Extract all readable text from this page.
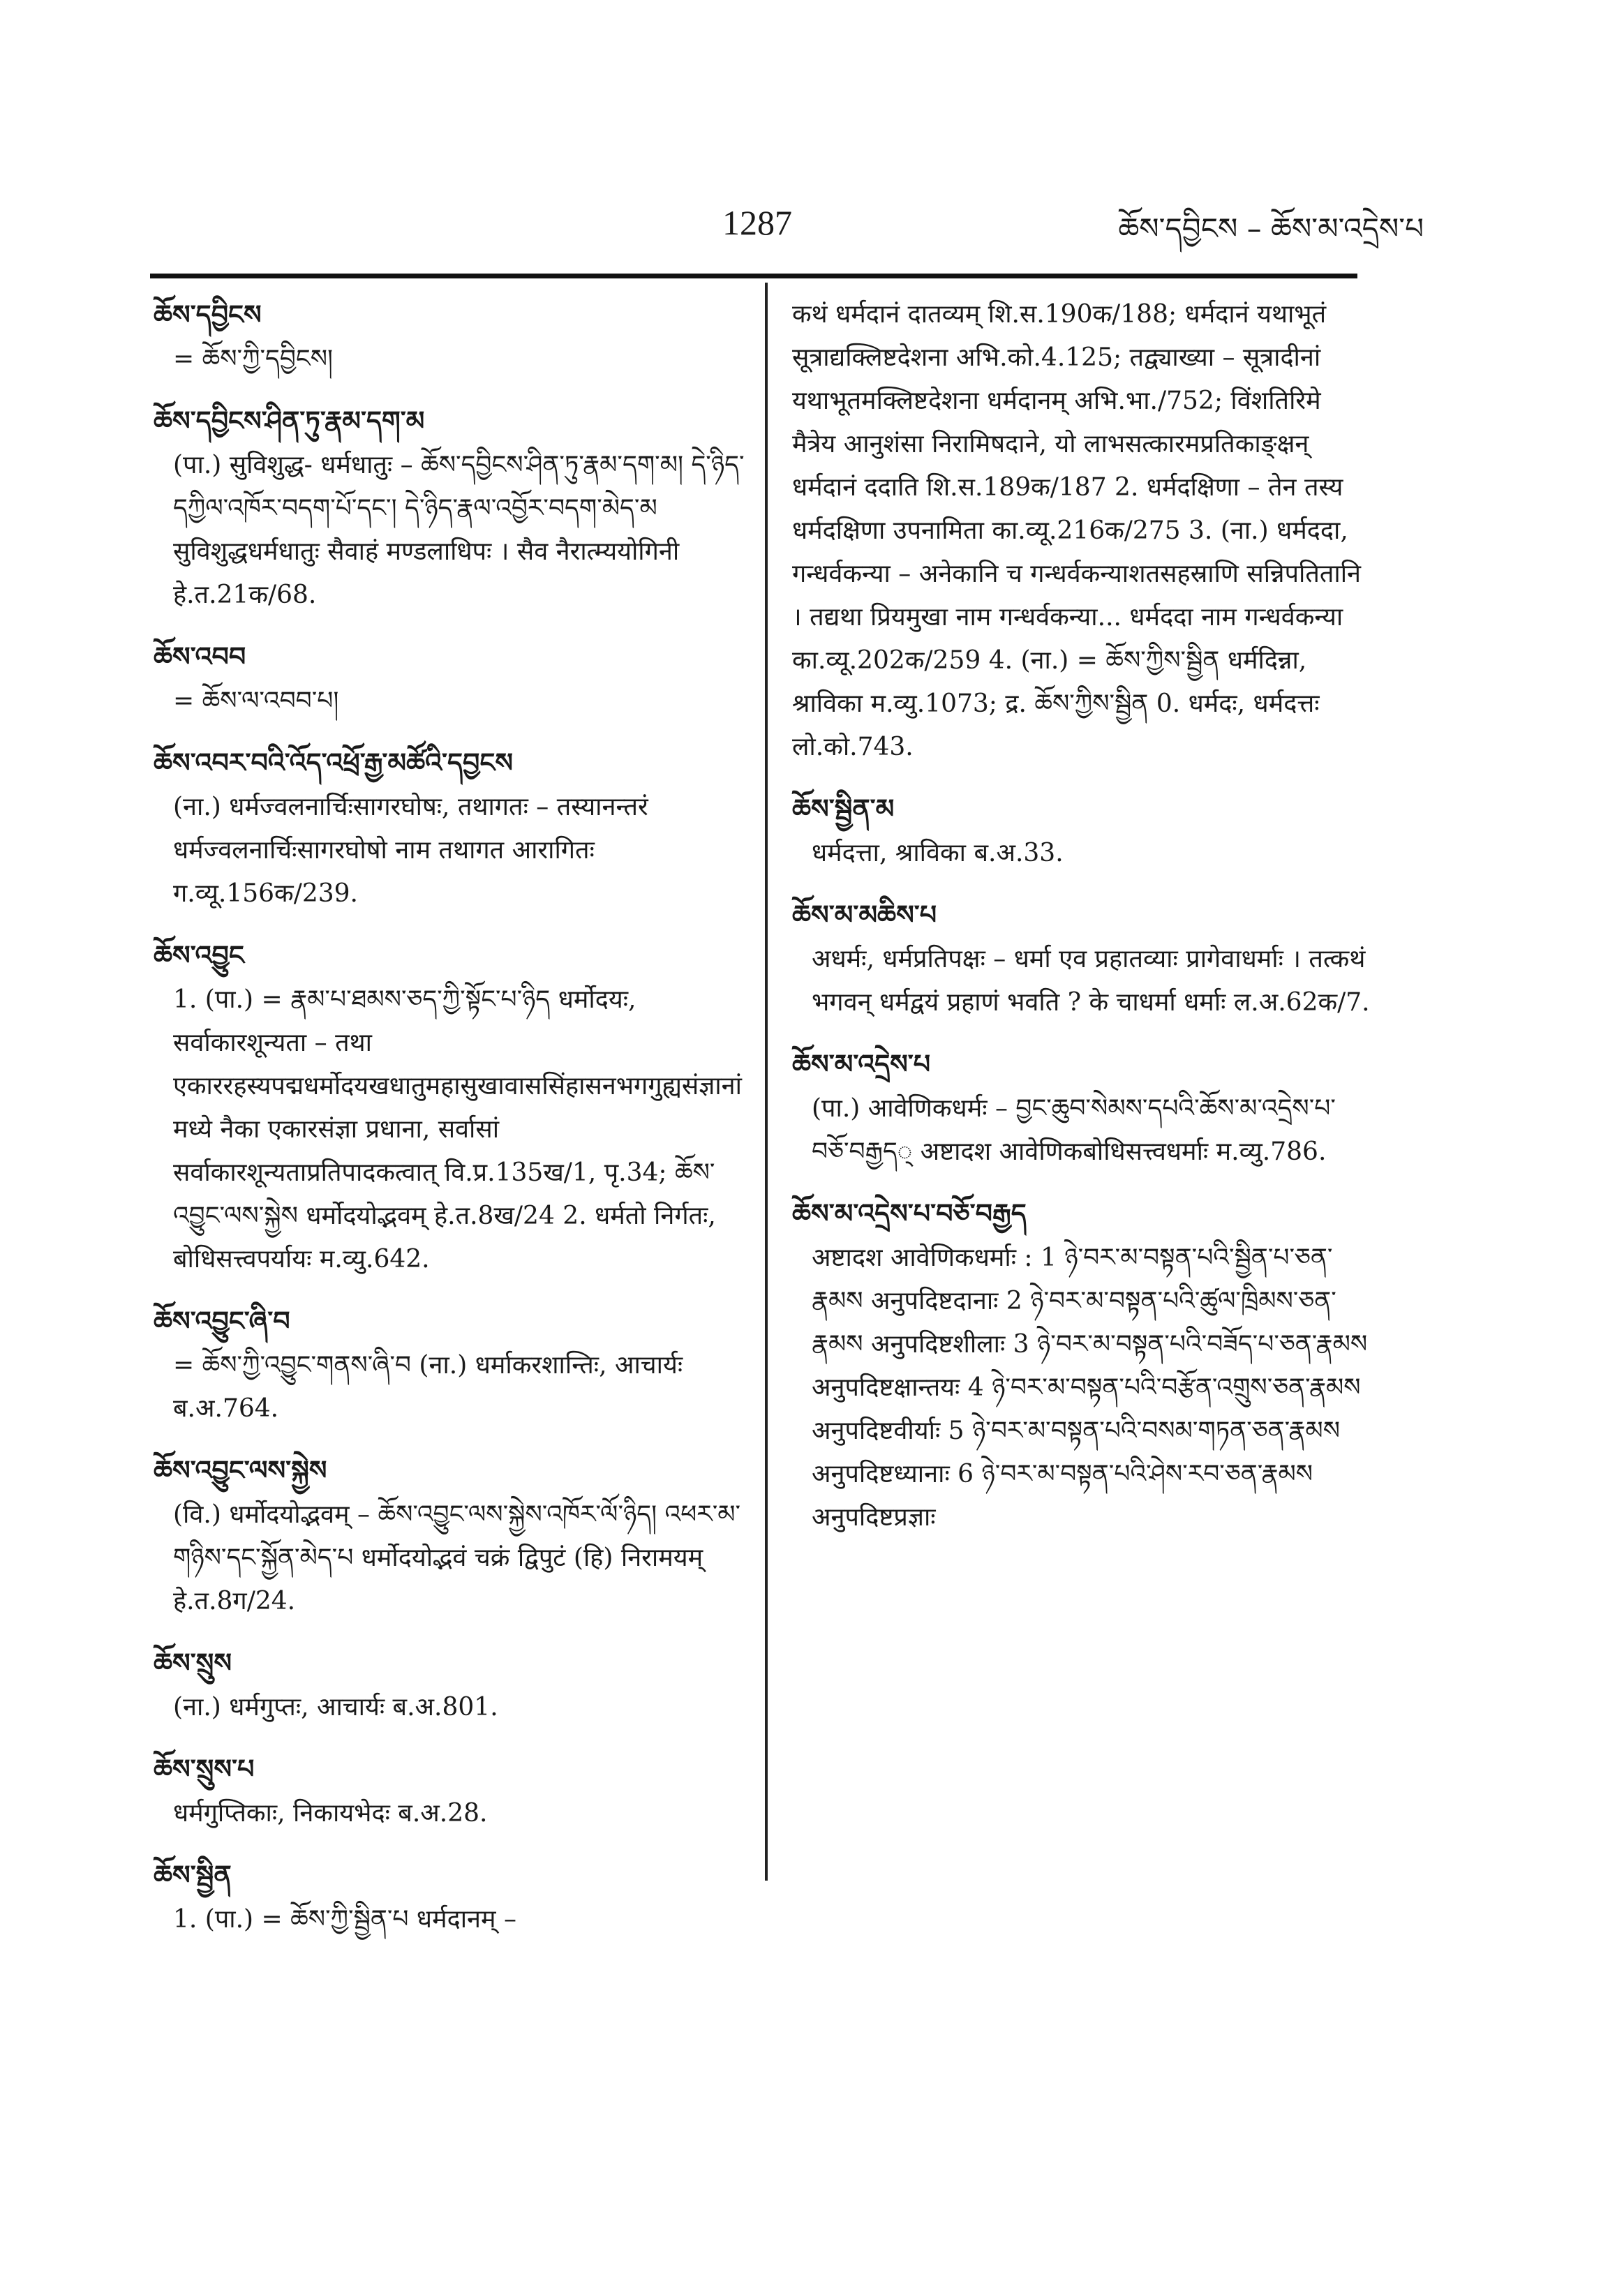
1287	ཆོས་དབྱིངས – ཆོས་མ་འདྲེས་པ
ཆོས་དབྱིངས
= ཆོས་ཀྱི་དབྱིངས།
ཆོས་དབྱིངས་ཤིན་ཏུ་རྣམ་དག་མ
(पा.) सुविशुद्ध- धर्मधातुः – ཆོས་དབྱིངས་ཤིན་ཏུ་རྣམ་དག་མ། དེ་ཉིད་དཀྱིལ་འཁོར་བདག་པོ་དང་། དེ་ཉིད་རྣལ་འབྱོར་བདག་མེད་མ सुविशुद्धधर्मधातुः सैवाहं मण्डलाधिपः । सैव नैरात्म्ययोगिनी हे.त.21क/68.
ཆོས་འབབ
= ཆོས་ལ་འབབ་པ།
ཆོས་འབར་བའི་འོད་འཕྲོ་རྒྱ་མཚོའི་དབྱངས
(ना.) धर्मज्वलनार्चिःसागरघोषः, तथागतः – तस्यानन्तरं धर्मज्वलनार्चिःसागरघोषो नाम तथागत आरागितः ग.व्यू.156क/239.
ཆོས་འབྱུང
1. (पा.) = རྣམ་པ་ཐམས་ཅད་ཀྱི་སྟོང་པ་ཉིད धर्मोदयः, सर्वाकारशून्यता – तथा एकाररहस्यपद्मधर्मोदयखधातुमहासुखावाससिंहासनभगगुह्यसंज्ञानां मध्ये नैका एकारसंज्ञा प्रधाना, सर्वासां सर्वाकारशून्यताप्रतिपादकत्वात् वि.प्र.135ख/1, पृ.34; ཆོས་འབྱུང་ལས་སྐྱེས धर्मोदयोद्भवम् हे.त.8ख/24 2. धर्मतो निर्गतः, बोधिसत्त्वपर्यायः म.व्यु.642.
ཆོས་འབྱུང་ཞི་བ
= ཆོས་ཀྱི་འབྱུང་གནས་ཞི་བ (ना.) धर्माकरशान्तिः, आचार्यः ब.अ.764.
ཆོས་འབྱུང་ལས་སྐྱེས
(वि.) धर्मोदयोद्भवम् – ཆོས་འབྱུང་ལས་སྐྱེས་འཁོར་ལོ་ཉིད། འཕར་མ་གཉིས་དང་སྐྱོན་མེད་པ धर्मोदयोद्भवं चक्रं द्विपुटं (हि) निरामयम् हे.त.8ग/24.
ཆོས་སྲུས
(ना.) धर्मगुप्तः, आचार्यः ब.अ.801.
ཆོས་སྲུས་པ
धर्मगुप्तिकाः, निकायभेदः ब.अ.28.
ཆོས་སྦྱིན
1. (पा.) = ཆོས་ཀྱི་སྦྱིན་པ धर्मदानम् –
कथं धर्मदानं दातव्यम् शि.स.190क/188; धर्मदानं यथाभूतं सूत्राद्यक्लिष्टदेशना अभि.को.4.125; तद्व्याख्या – सूत्रादीनां यथाभूतमक्लिष्टदेशना धर्मदानम् अभि.भा./752; विंशतिरिमे मैत्रेय आनुशंसा निरामिषदाने, यो लाभसत्कारमप्रतिकाङ्क्षन् धर्मदानं ददाति शि.स.189क/187 2. धर्मदक्षिणा – तेन तस्य धर्मदक्षिणा उपनामिता का.व्यू.216क/275 3. (ना.) धर्मददा, गन्धर्वकन्या – अनेकानि च गन्धर्वकन्याशतसहस्राणि सन्निपतितानि । तद्यथा प्रियमुखा नाम गन्धर्वकन्या... धर्मददा नाम गन्धर्वकन्या का.व्यू.202क/259 4. (ना.) = ཆོས་ཀྱིས་སྦྱིན धर्मदिन्ना, श्राविका म.व्यु.1073; द्र. ཆོས་ཀྱིས་སྦྱིན 0. धर्मदः, धर्मदत्तः लो.को.743.
ཆོས་སྦྱིན་མ
धर्मदत्ता, श्राविका ब.अ.33.
ཆོས་མ་མཆིས་པ
अधर्मः, धर्मप्रतिपक्षः – धर्मा एव प्रहातव्याः प्रागेवाधर्माः । तत्कथं भगवन् धर्मद्वयं प्रहाणं भवति ? के चाधर्मा धर्माः ल.अ.62क/7.
ཆོས་མ་འདྲེས་པ
(पा.) आवेणिकधर्मः – བྱང་ཆུབ་སེམས་དཔའི་ཆོས་མ་འདྲེས་པ་བཅོ་བརྒྱད् अष्टादश आवेणिकबोधिसत्त्वधर्माः म.व्यु.786.
ཆོས་མ་འདྲེས་པ་བཅོ་བརྒྱད
अष्टादश आवेणिकधर्माः : 1 ཉེ་བར་མ་བསྟན་པའི་སྦྱིན་པ་ཅན་རྣམས अनुपदिष्टदानाः 2 ཉེ་བར་མ་བསྟན་པའི་ཚུལ་ཁྲིམས་ཅན་རྣམས अनुपदिष्टशीलाः 3 ཉེ་བར་མ་བསྟན་པའི་བཟོད་པ་ཅན་རྣམས अनुपदिष्टक्षान्तयः 4 ཉེ་བར་མ་བསྟན་པའི་བརྩོན་འགྲུས་ཅན་རྣམས अनुपदिष्टवीर्याः 5 ཉེ་བར་མ་བསྟན་པའི་བསམ་གཏན་ཅན་རྣམས अनुपदिष्टध्यानाः 6 ཉེ་བར་མ་བསྟན་པའི་ཤེས་རབ་ཅན་རྣམས अनुपदिष्टप्रज्ञाः
